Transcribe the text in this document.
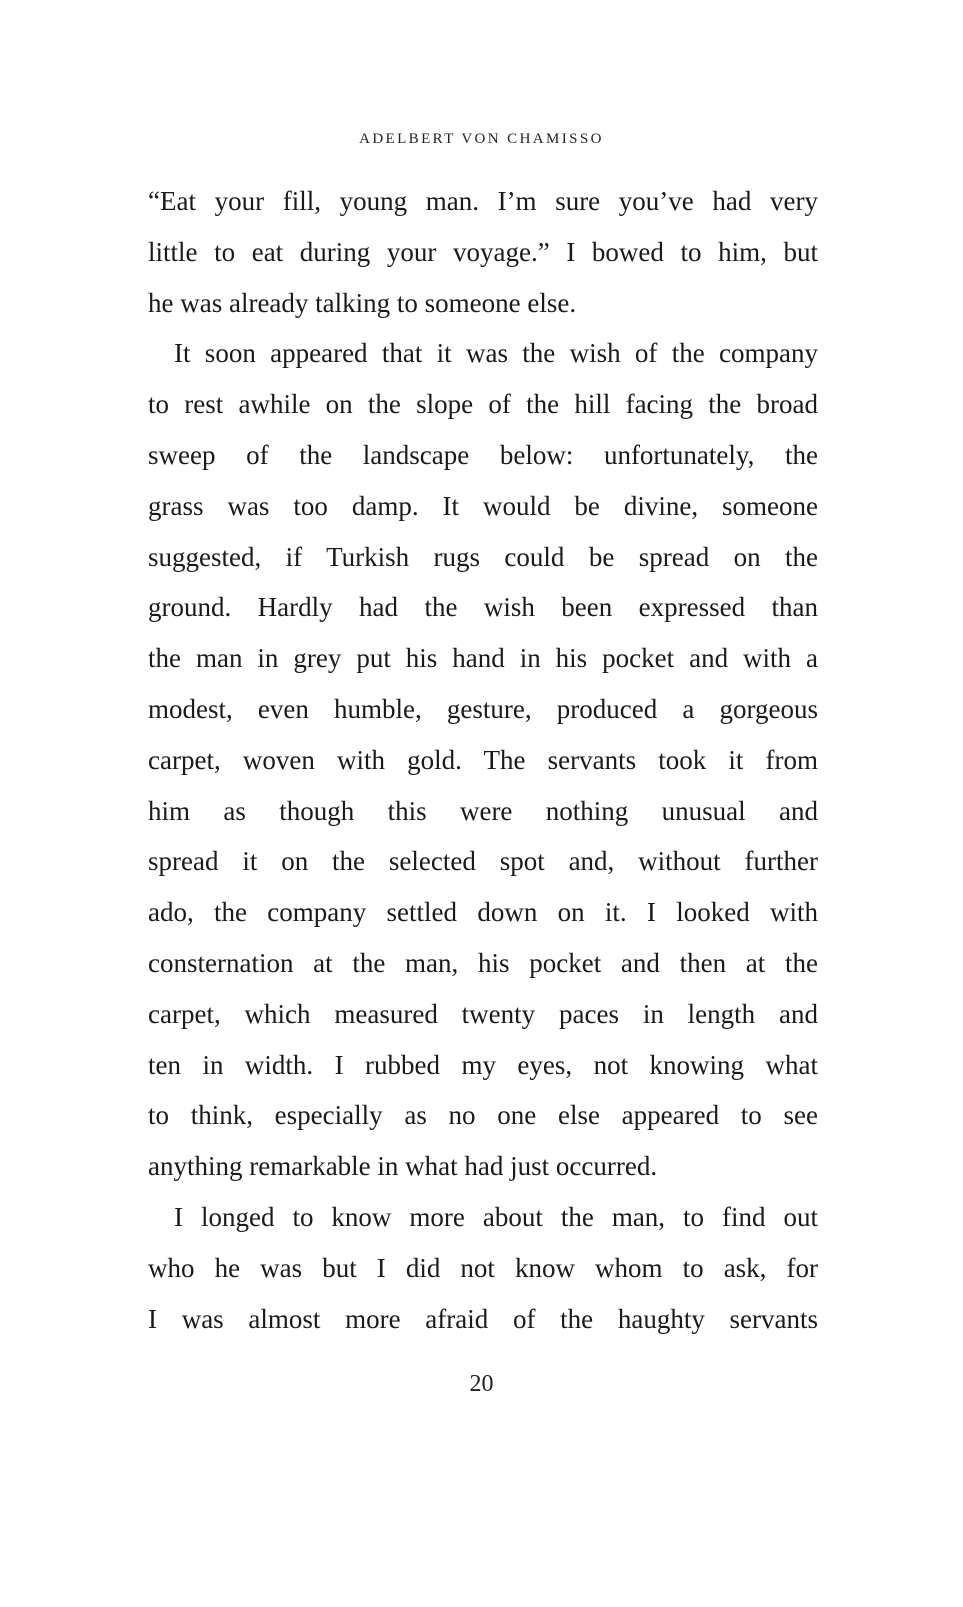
ADELBERT VON CHAMISSO
“Eat your fill, young man. I’m sure you’ve had very
little to eat during your voyage.” I bowed to him, but
he was already talking to someone else.
It soon appeared that it was the wish of the company
to rest awhile on the slope of the hill facing the broad
sweep of the landscape below: unfortunately, the
grass was too damp. It would be divine, someone
suggested, if Turkish rugs could be spread on the
ground. Hardly had the wish been expressed than
the man in grey put his hand in his pocket and with a
modest, even humble, gesture, produced a gorgeous
carpet, woven with gold. The servants took it from
him as though this were nothing unusual and
spread it on the selected spot and, without further
ado, the company settled down on it. I looked with
consternation at the man, his pocket and then at the
carpet, which measured twenty paces in length and
ten in width. I rubbed my eyes, not knowing what
to think, especially as no one else appeared to see
anything remarkable in what had just occurred.
I longed to know more about the man, to find out
who he was but I did not know whom to ask, for
I was almost more afraid of the haughty servants
20
